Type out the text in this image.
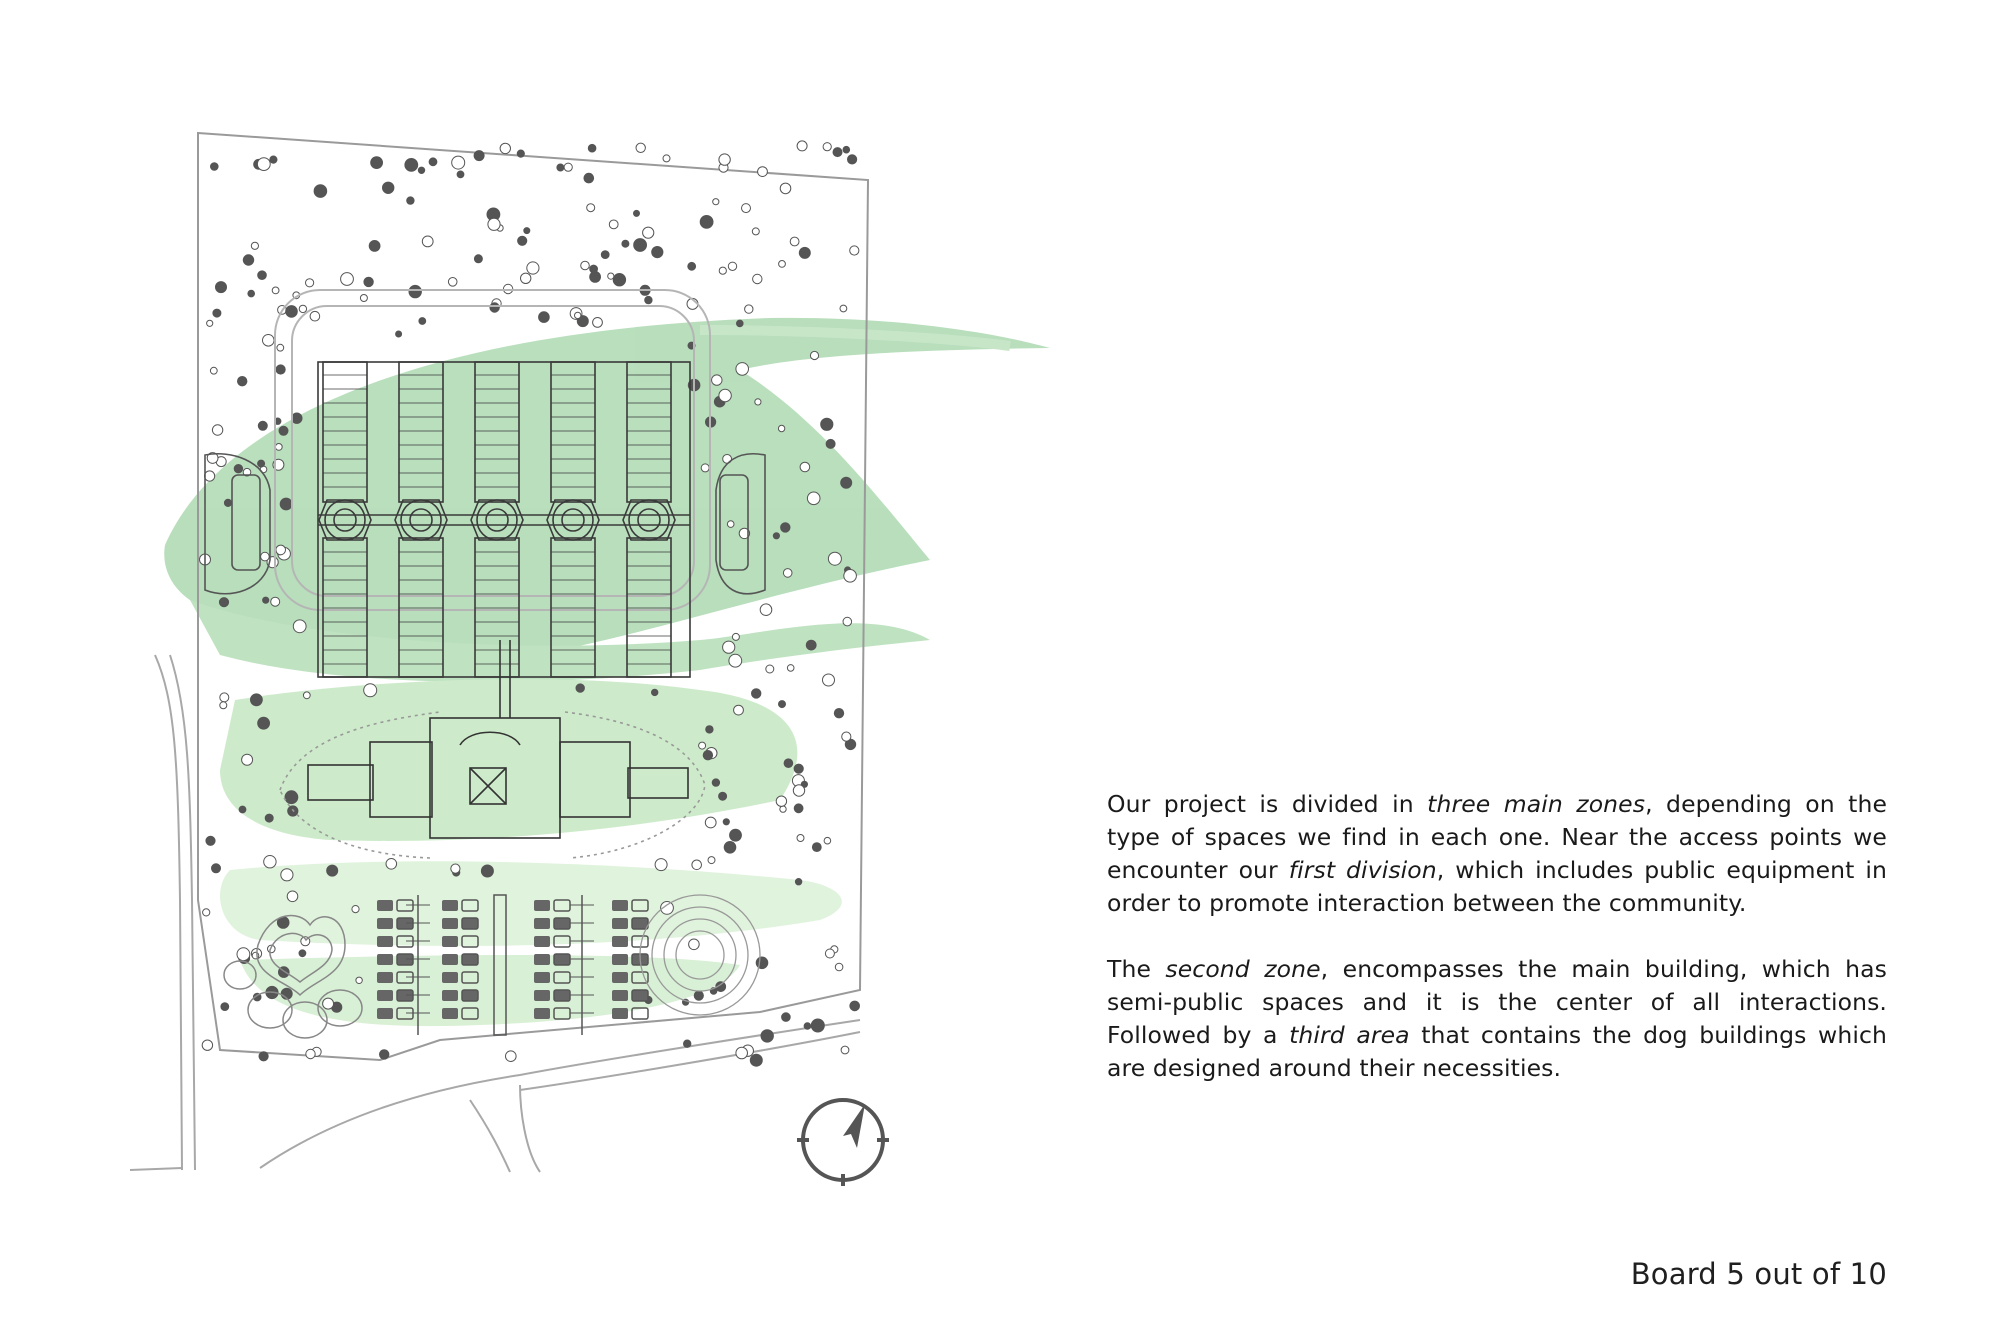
Our project is divided in three main zones, depending on the type of spaces we find in each one. Near the access points we encounter our first division, which includes public equipment in order to promote interaction between the community.

The second zone, encompasses the main building, which has semi-public spaces and it is the center of all interactions. Followed by a third area that contains the dog buildings which are designed around their necessities.

Board 5 out of 10
